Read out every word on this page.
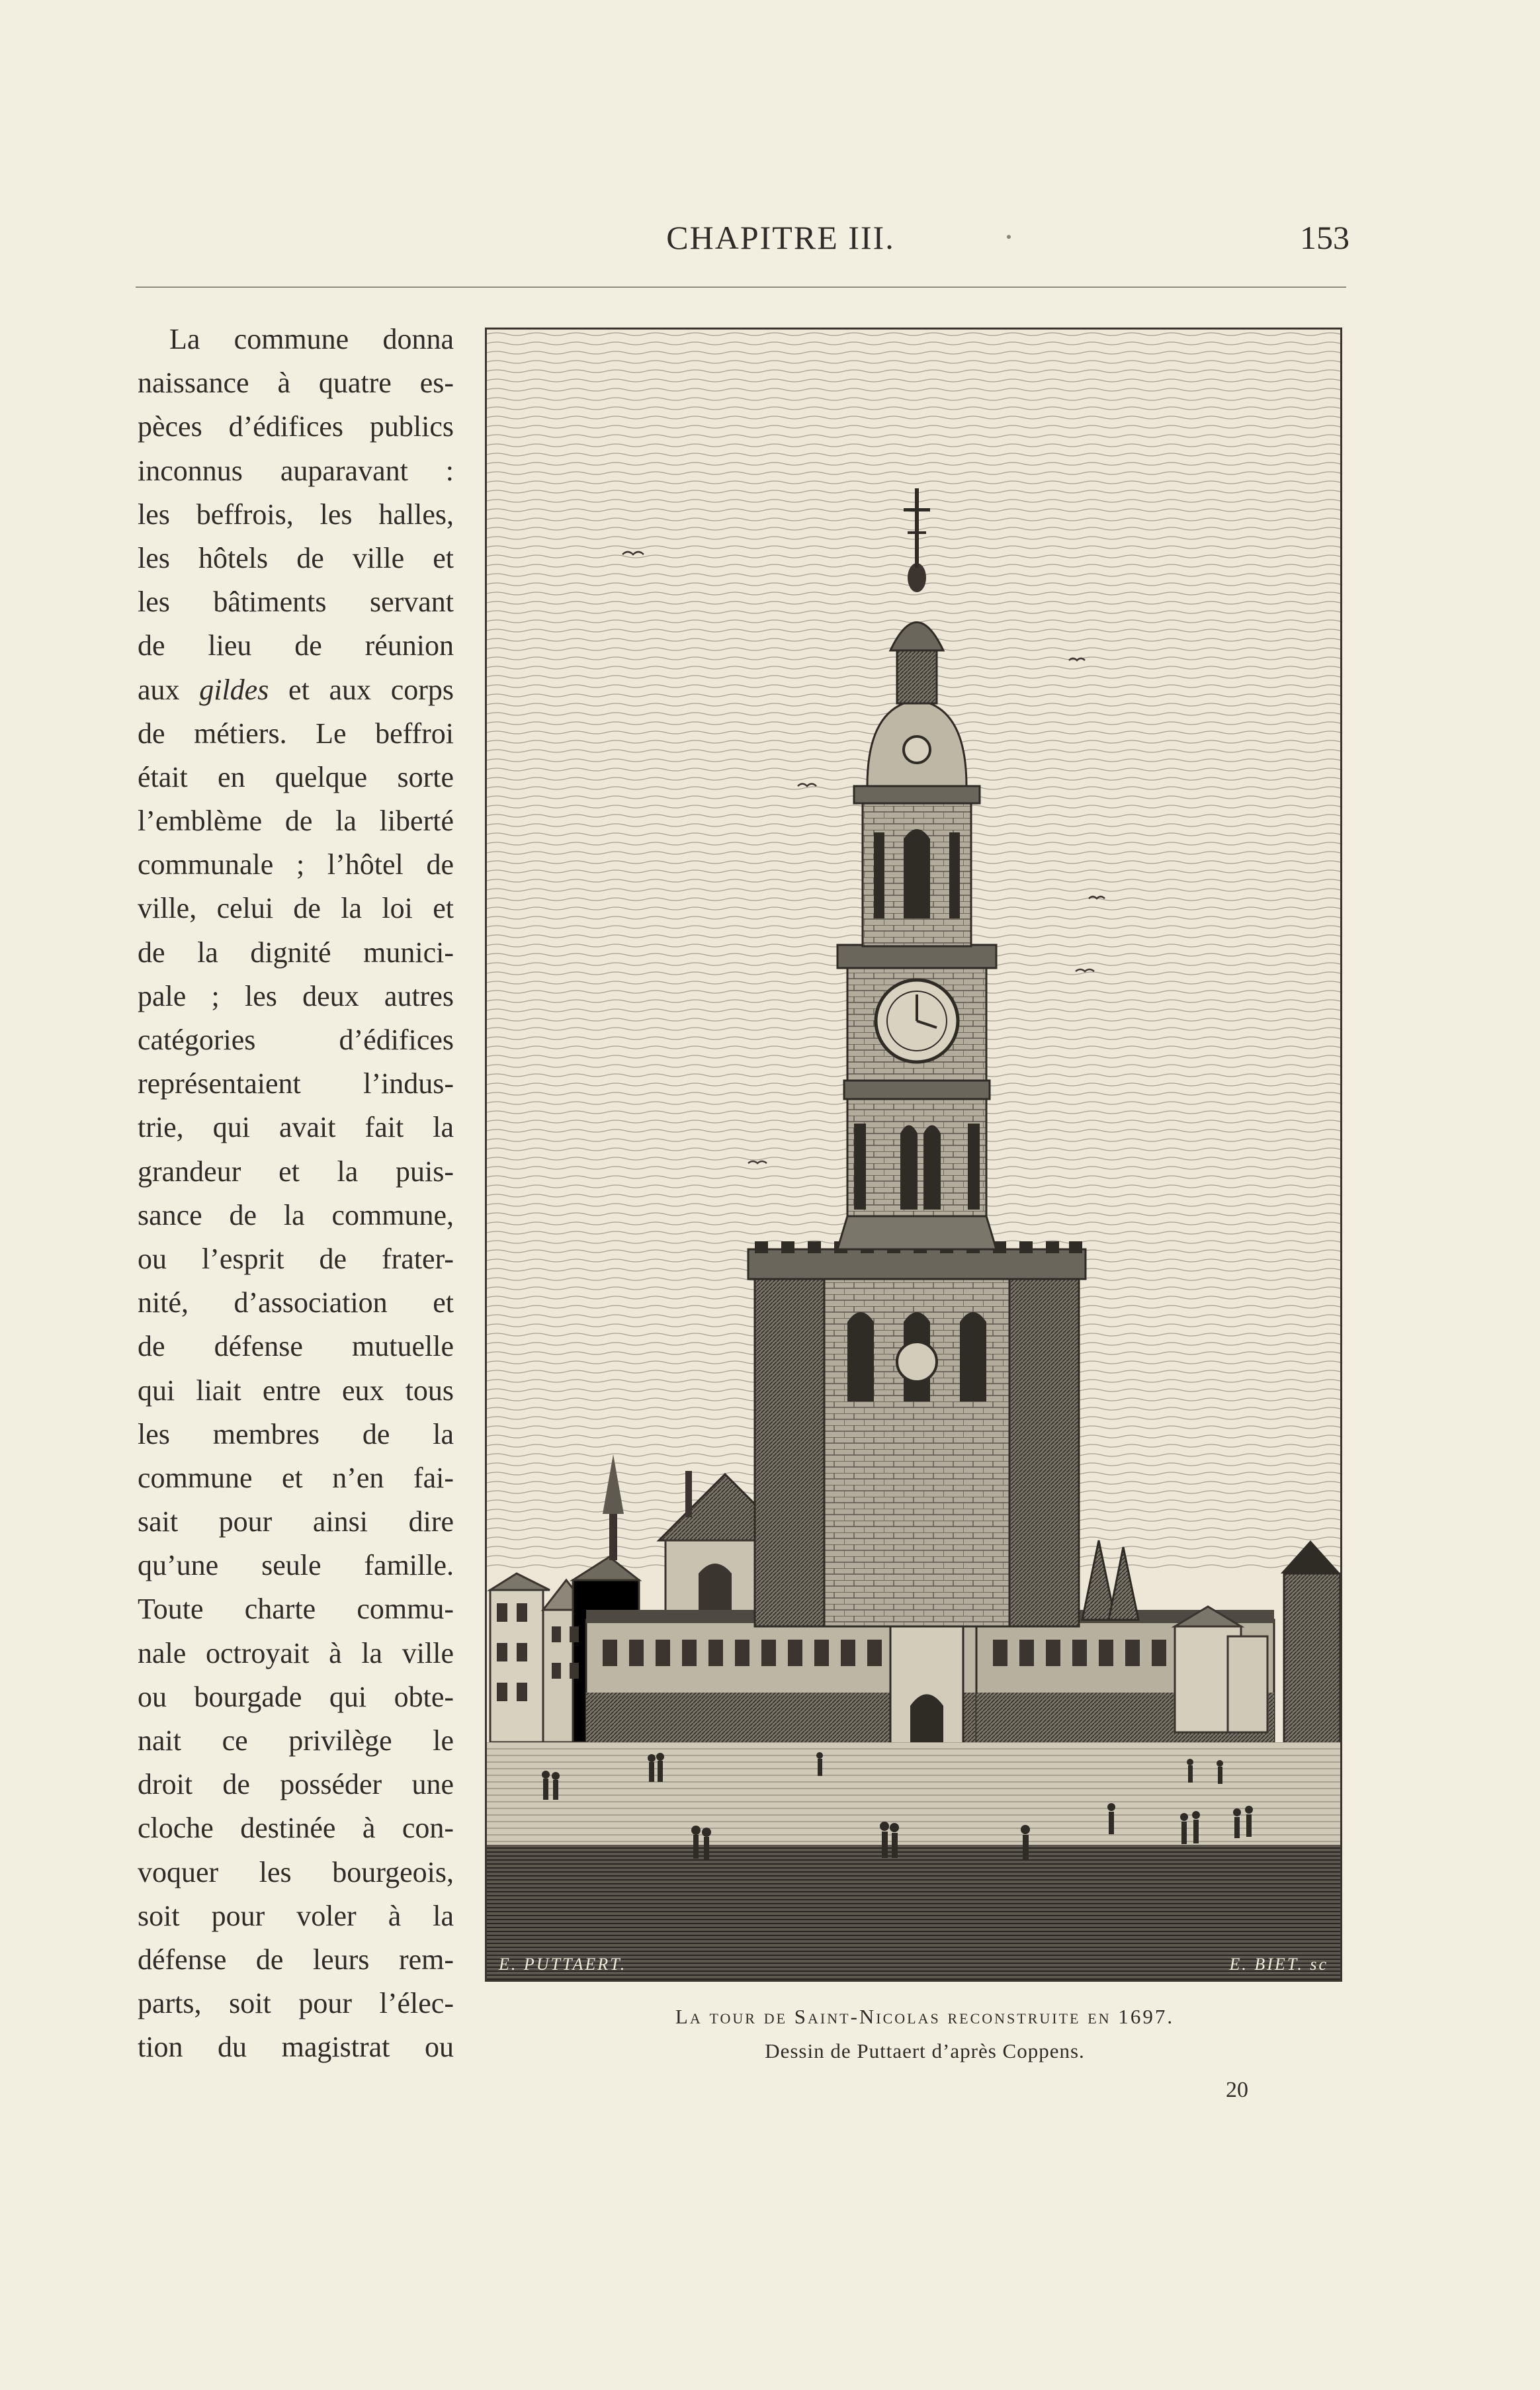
CHAPITRE III.	153
La commune donna
naissance à quatre es-
pèces d’édifices publics
inconnus auparavant :
les beffrois, les halles,
les hôtels de ville et
les bâtiments servant
de lieu de réunion
aux gildes et aux corps
de métiers. Le beffroi
était en quelque sorte
l’emblème de la liberté
communale ; l’hôtel de
ville, celui de la loi et
de la dignité munici-
pale ; les deux autres
catégories d’édifices
représentaient l’indus-
trie, qui avait fait la
grandeur et la puis-
sance de la commune,
ou l’esprit de frater-
nité, d’association et
de défense mutuelle
qui liait entre eux tous
les membres de la
commune et n’en fai-
sait pour ainsi dire
qu’une seule famille.
Toute charte commu-
nale octroyait à la ville
ou bourgade qui obte-
nait ce privilège le
droit de posséder une
cloche destinée à con-
voquer les bourgeois,
soit pour voler à la
défense de leurs rem-
parts, soit pour l’élec-
tion du magistrat ou
E. PUTTAERT.	E. BIET. sc
La tour de Saint-Nicolas reconstruite en 1697.
Dessin de Puttaert d’après Coppens.
20
